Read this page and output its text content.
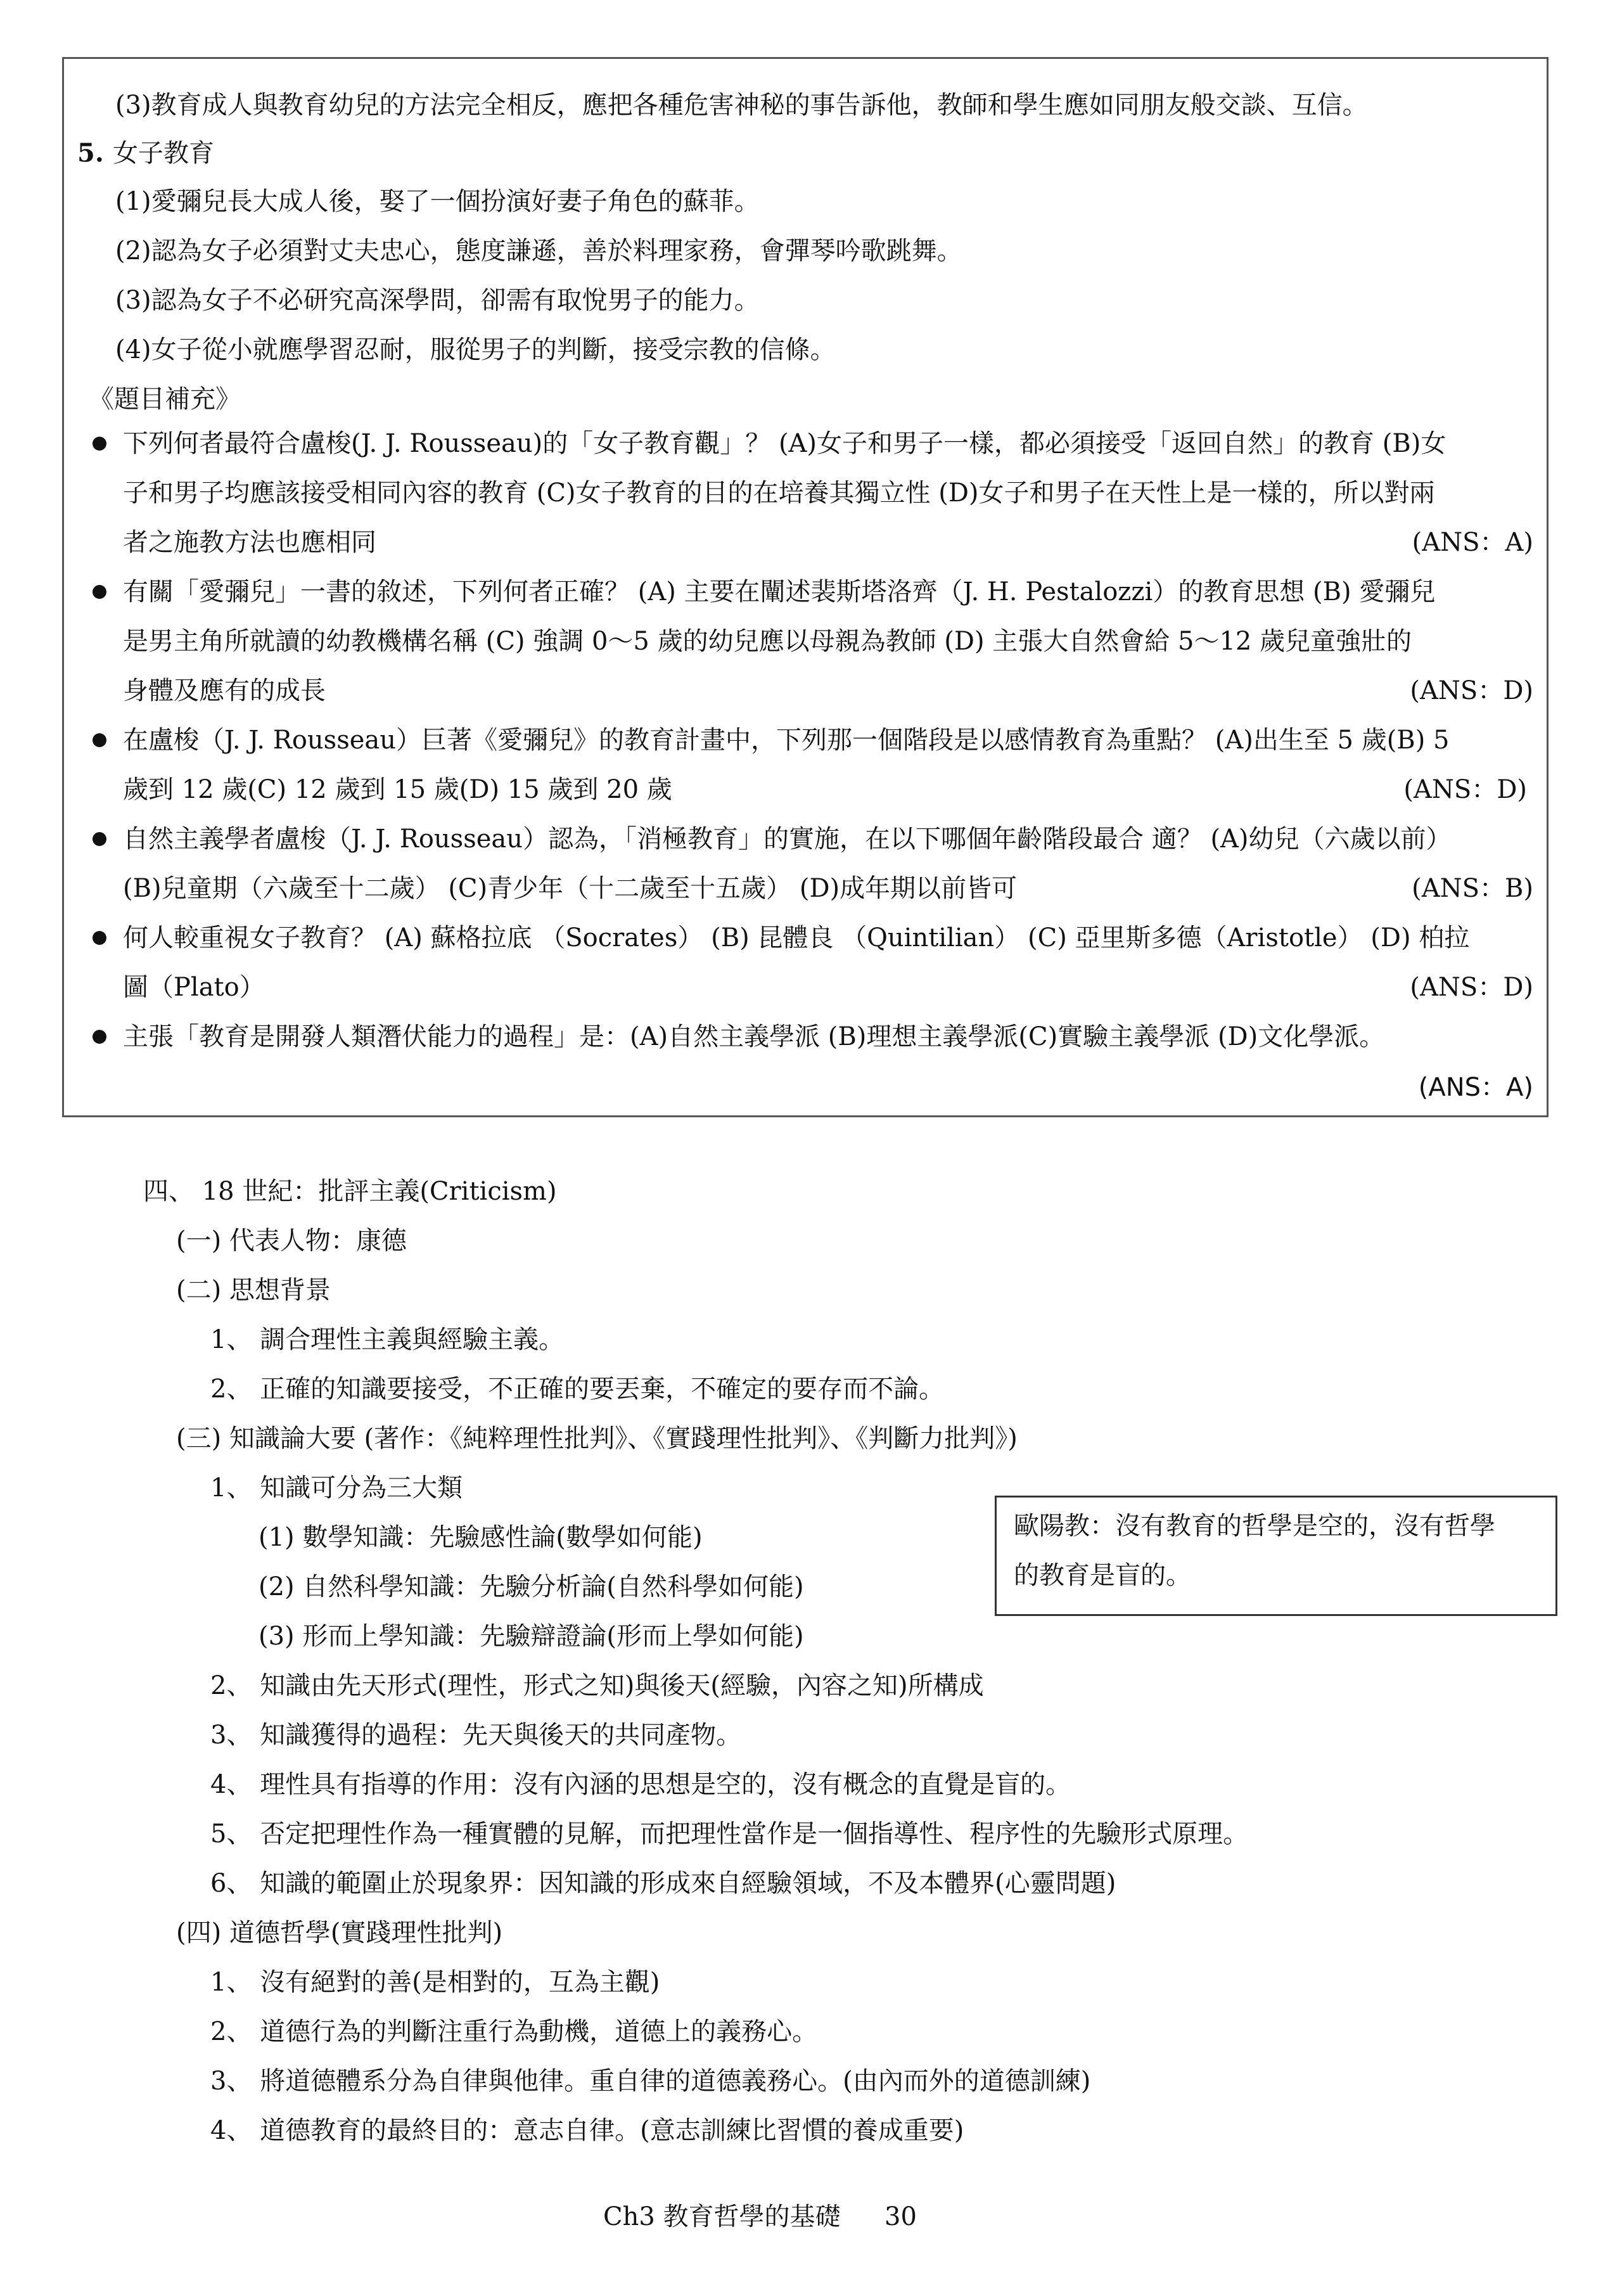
(3)教育成人與教育幼兒的方法完全相反，應把各種危害神秘的事告訴他，教師和學生應如同朋友般交談、互信。
5. 女子教育
(1)愛彌兒長大成人後，娶了一個扮演好妻子角色的蘇菲。
(2)認為女子必須對丈夫忠心，態度謙遜，善於料理家務，會彈琴吟歌跳舞。
(3)認為女子不必研究高深學問，卻需有取悅男子的能力。
(4)女子從小就應學習忍耐，服從男子的判斷，接受宗教的信條。
《題目補充》
下列何者最符合盧梭(J. J. Rousseau)的「女子教育觀」？ (A)女子和男子一樣，都必須接受「返回自然」的教育 (B)女
子和男子均應該接受相同內容的教育 (C)女子教育的目的在培養其獨立性 (D)女子和男子在天性上是一樣的，所以對兩
者之施教方法也應相同	(ANS：A)
有關「愛彌兒」一書的敘述，下列何者正確？ (A) 主要在闡述裴斯塔洛齊（J. H. Pestalozzi）的教育思想 (B) 愛彌兒
是男主角所就讀的幼教機構名稱 (C) 強調 0～5 歲的幼兒應以母親為教師 (D) 主張大自然會給 5～12 歲兒童強壯的
身體及應有的成長	(ANS：D)
在盧梭（J. J. Rousseau）巨著《愛彌兒》的教育計畫中，下列那一個階段是以感情教育為重點？ (A)出生至 5 歲(B) 5
歲到 12 歲(C) 12 歲到 15 歲(D) 15 歲到 20 歲	(ANS：D)
自然主義學者盧梭（J. J. Rousseau）認為，「消極教育」的實施，在以下哪個年齡階段最合 適？ (A)幼兒（六歲以前）
(B)兒童期（六歲至十二歲） (C)青少年（十二歲至十五歲） (D)成年期以前皆可	(ANS：B)
何人較重視女子教育？ (A) 蘇格拉底 （Socrates） (B) 昆體良 （Quintilian） (C) 亞里斯多德（Aristotle） (D) 柏拉
圖（Plato）	(ANS：D)
主張「教育是開發人類潛伏能力的過程」是：(A)自然主義學派 (B)理想主義學派(C)實驗主義學派 (D)文化學派。
(ANS：A)
四、 18 世紀：批評主義(Criticism)
(一) 代表人物：康德
(二) 思想背景
1、 調合理性主義與經驗主義。
2、 正確的知識要接受，不正確的要丟棄，不確定的要存而不論。
(三) 知識論大要 (著作：《純粹理性批判》、《實踐理性批判》、《判斷力批判》)
1、 知識可分為三大類
(1) 數學知識：先驗感性論(數學如何能)
(2) 自然科學知識：先驗分析論(自然科學如何能)
(3) 形而上學知識：先驗辯證論(形而上學如何能)
2、 知識由先天形式(理性，形式之知)與後天(經驗，內容之知)所構成
3、 知識獲得的過程：先天與後天的共同產物。
4、 理性具有指導的作用：沒有內涵的思想是空的，沒有概念的直覺是盲的。
5、 否定把理性作為一種實體的見解，而把理性當作是一個指導性、程序性的先驗形式原理。
6、 知識的範圍止於現象界：因知識的形成來自經驗領域，不及本體界(心靈問題)
(四) 道德哲學(實踐理性批判)
1、 沒有絕對的善(是相對的，互為主觀)
2、 道德行為的判斷注重行為動機，道德上的義務心。
3、 將道德體系分為自律與他律。重自律的道德義務心。(由內而外的道德訓練)
4、 道德教育的最終目的：意志自律。(意志訓練比習慣的養成重要)
歐陽教：沒有教育的哲學是空的，沒有哲學
的教育是盲的。
Ch3 教育哲學的基礎 30
